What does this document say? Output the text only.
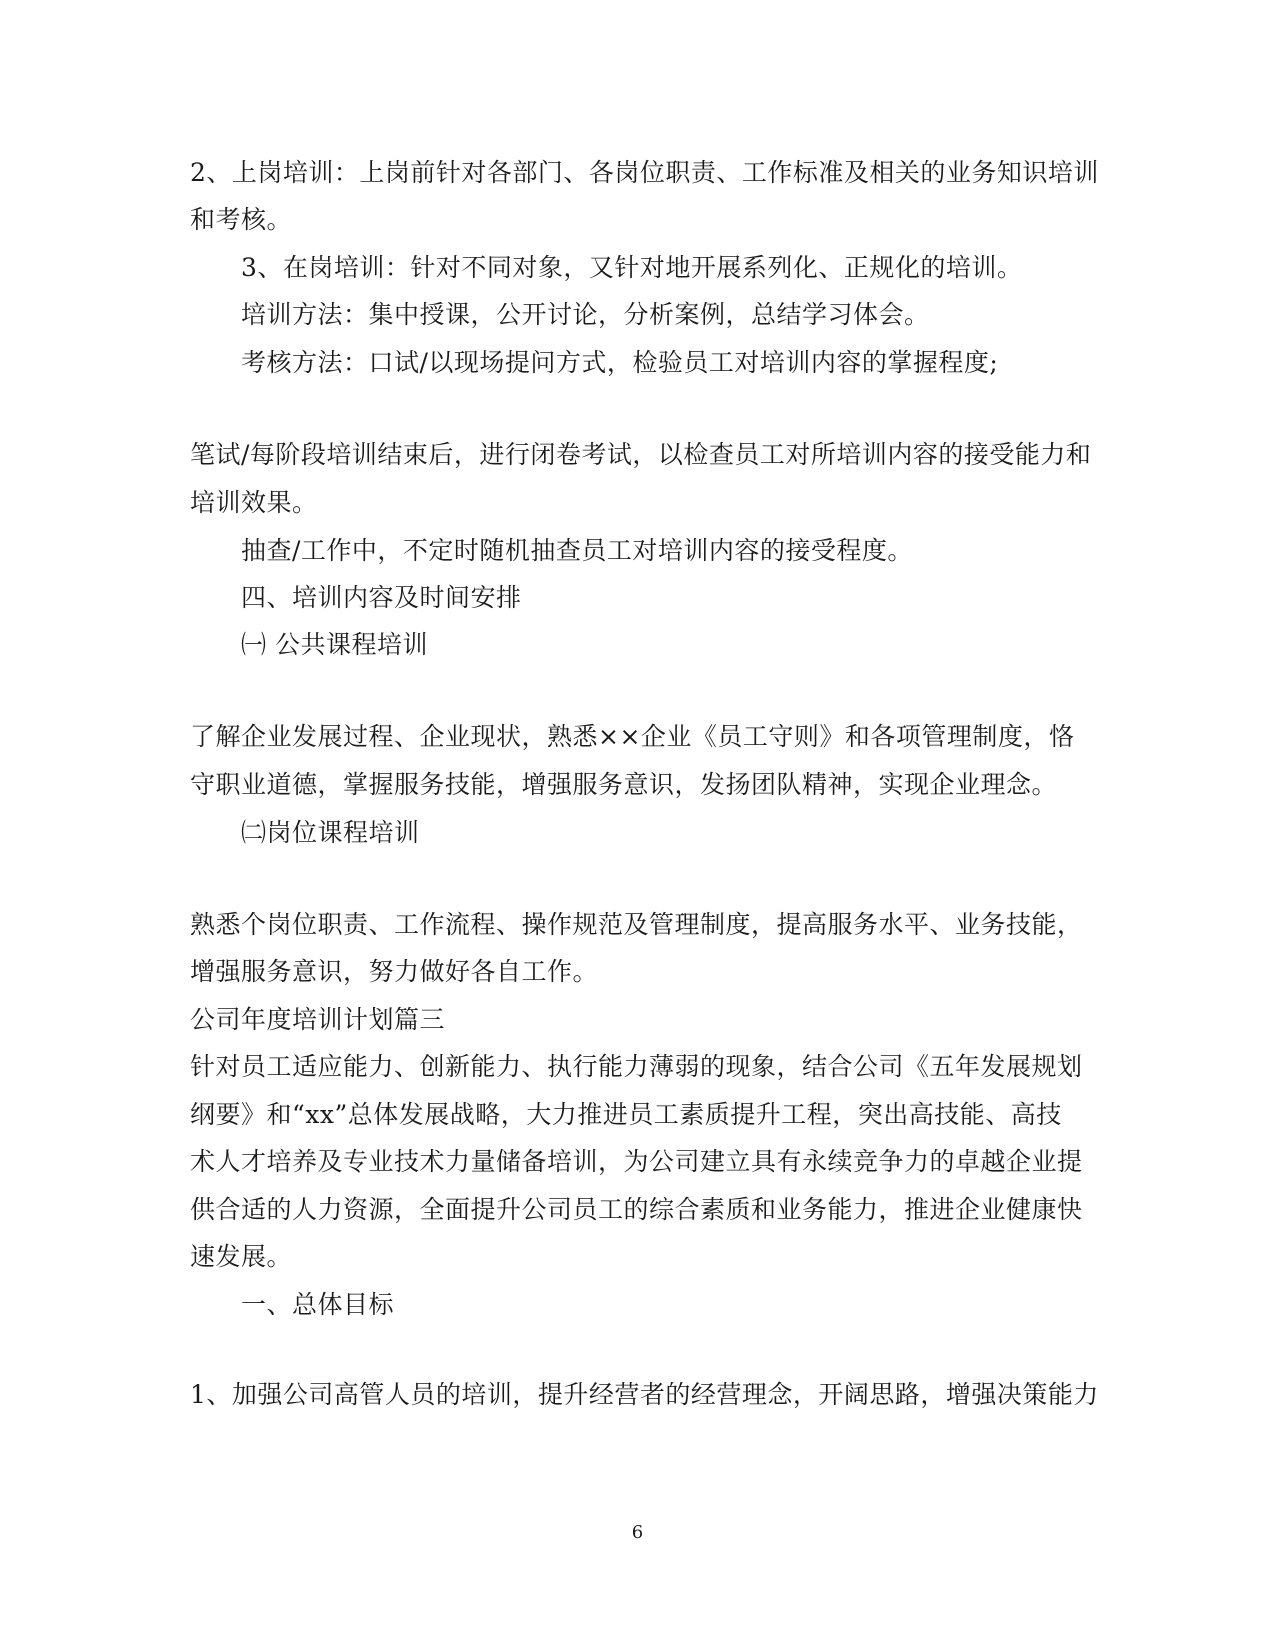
2、上岗培训：上岗前针对各部门、各岗位职责、工作标准及相关的业务知识培训
和考核。
3、在岗培训：针对不同对象，又针对地开展系列化、正规化的培训。
培训方法：集中授课，公开讨论，分析案例，总结学习体会。
考核方法：口试/以现场提问方式，检验员工对培训内容的掌握程度;
笔试/每阶段培训结束后，进行闭卷考试，以检查员工对所培训内容的接受能力和
培训效果。
抽查/工作中，不定时随机抽查员工对培训内容的接受程度。
四、培训内容及时间安排
㈠ 公共课程培训
了解企业发展过程、企业现状，熟悉××企业《员工守则》和各项管理制度，恪
守职业道德，掌握服务技能，增强服务意识，发扬团队精神，实现企业理念。
㈡岗位课程培训
熟悉个岗位职责、工作流程、操作规范及管理制度，提高服务水平、业务技能，
增强服务意识，努力做好各自工作。
公司年度培训计划篇三
针对员工适应能力、创新能力、执行能力薄弱的现象，结合公司《五年发展规划
纲要》和“xx”总体发展战略，大力推进员工素质提升工程，突出高技能、高技
术人才培养及专业技术力量储备培训，为公司建立具有永续竞争力的卓越企业提
供合适的人力资源，全面提升公司员工的综合素质和业务能力，推进企业健康快
速发展。
一、总体目标
1、加强公司高管人员的培训，提升经营者的经营理念，开阔思路，增强决策能力
6
